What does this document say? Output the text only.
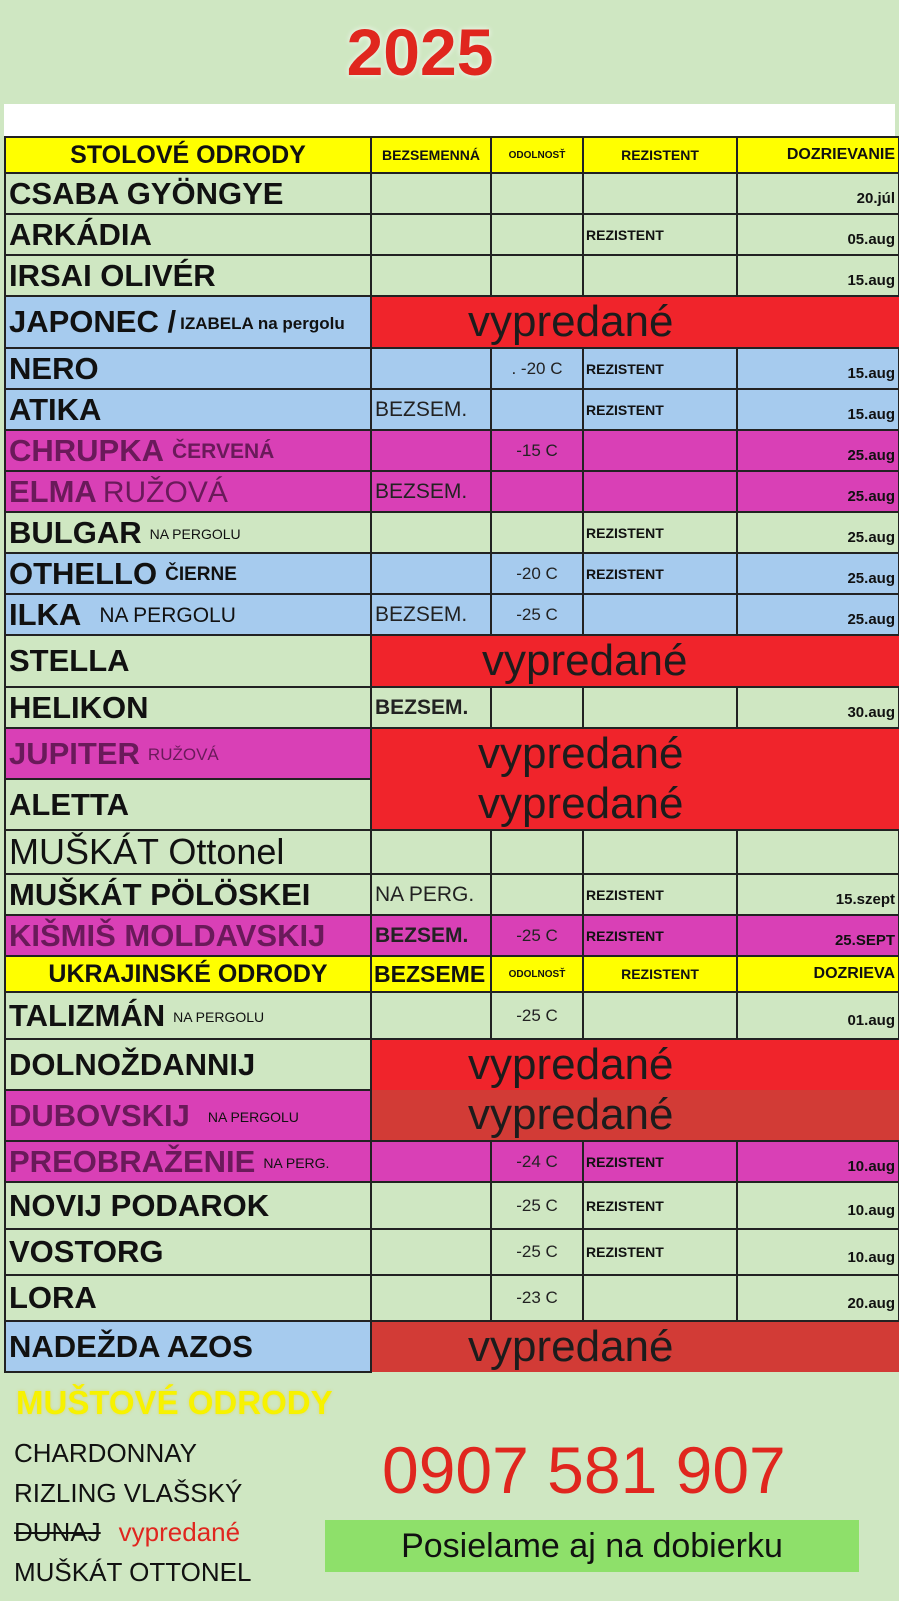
2025
STOLOVÉ ODRODY	BEZSEMENNÁ	ODOLNOSŤ	REZISTENT	DOZRIEVANIE
CSABA GYÖNGYE				20.júl
ARKÁDIA			REZISTENT	05.aug
IRSAI OLIVÉR				15.aug
JAPONEC / IZABELA na pergolu	vypredané			
NERO		. -20 C	REZISTENT	15.aug
ATIKA	BEZSEM.		REZISTENT	15.aug
CHRUPKA ČERVENÁ		-15 C		25.aug
ELMA RUŽOVÁ	BEZSEM.			25.aug
BULGAR NA PERGOLU			REZISTENT	25.aug
OTHELLO ČIERNE		-20 C	REZISTENT	25.aug
ILKA NA PERGOLU	BEZSEM.	-25 C		25.aug
STELLA	vypredané			
HELIKON	BEZSEM.			30.aug
JUPITER RUŽOVÁ	vypredané			
ALETTA	vypredané			
MUŠKÁT Ottonel				
MUŠKÁT PÖLÖSKEI	NA PERG.		REZISTENT	15.szept
KIŠMIŠ MOLDAVSKIJ	BEZSEM.	-25 C	REZISTENT	25.SEPT
UKRAJINSKÉ ODRODY	BEZSEME	ODOLNOSŤ	REZISTENT	DOZRIEVA
TALIZMÁN NA PERGOLU		-25 C		01.aug
DOLNOŽDANNIJ	vypredané			
DUBOVSKIJ NA PERGOLU	vypredané			
PREOBRAŽENIE NA PERG.		-24 C	REZISTENT	10.aug
NOVIJ PODAROK		-25 C	REZISTENT	10.aug
VOSTORG		-25 C	REZISTENT	10.aug
LORA		-23 C		20.aug
NADEŽDA AZOS	vypredané			
MUŠTOVÉ ODRODY
CHARDONNAY
RIZLING VLAŠSKÝ
DUNAJ vypredané
MUŠKÁT OTTONEL
0907 581 907
Posielame aj na dobierku
